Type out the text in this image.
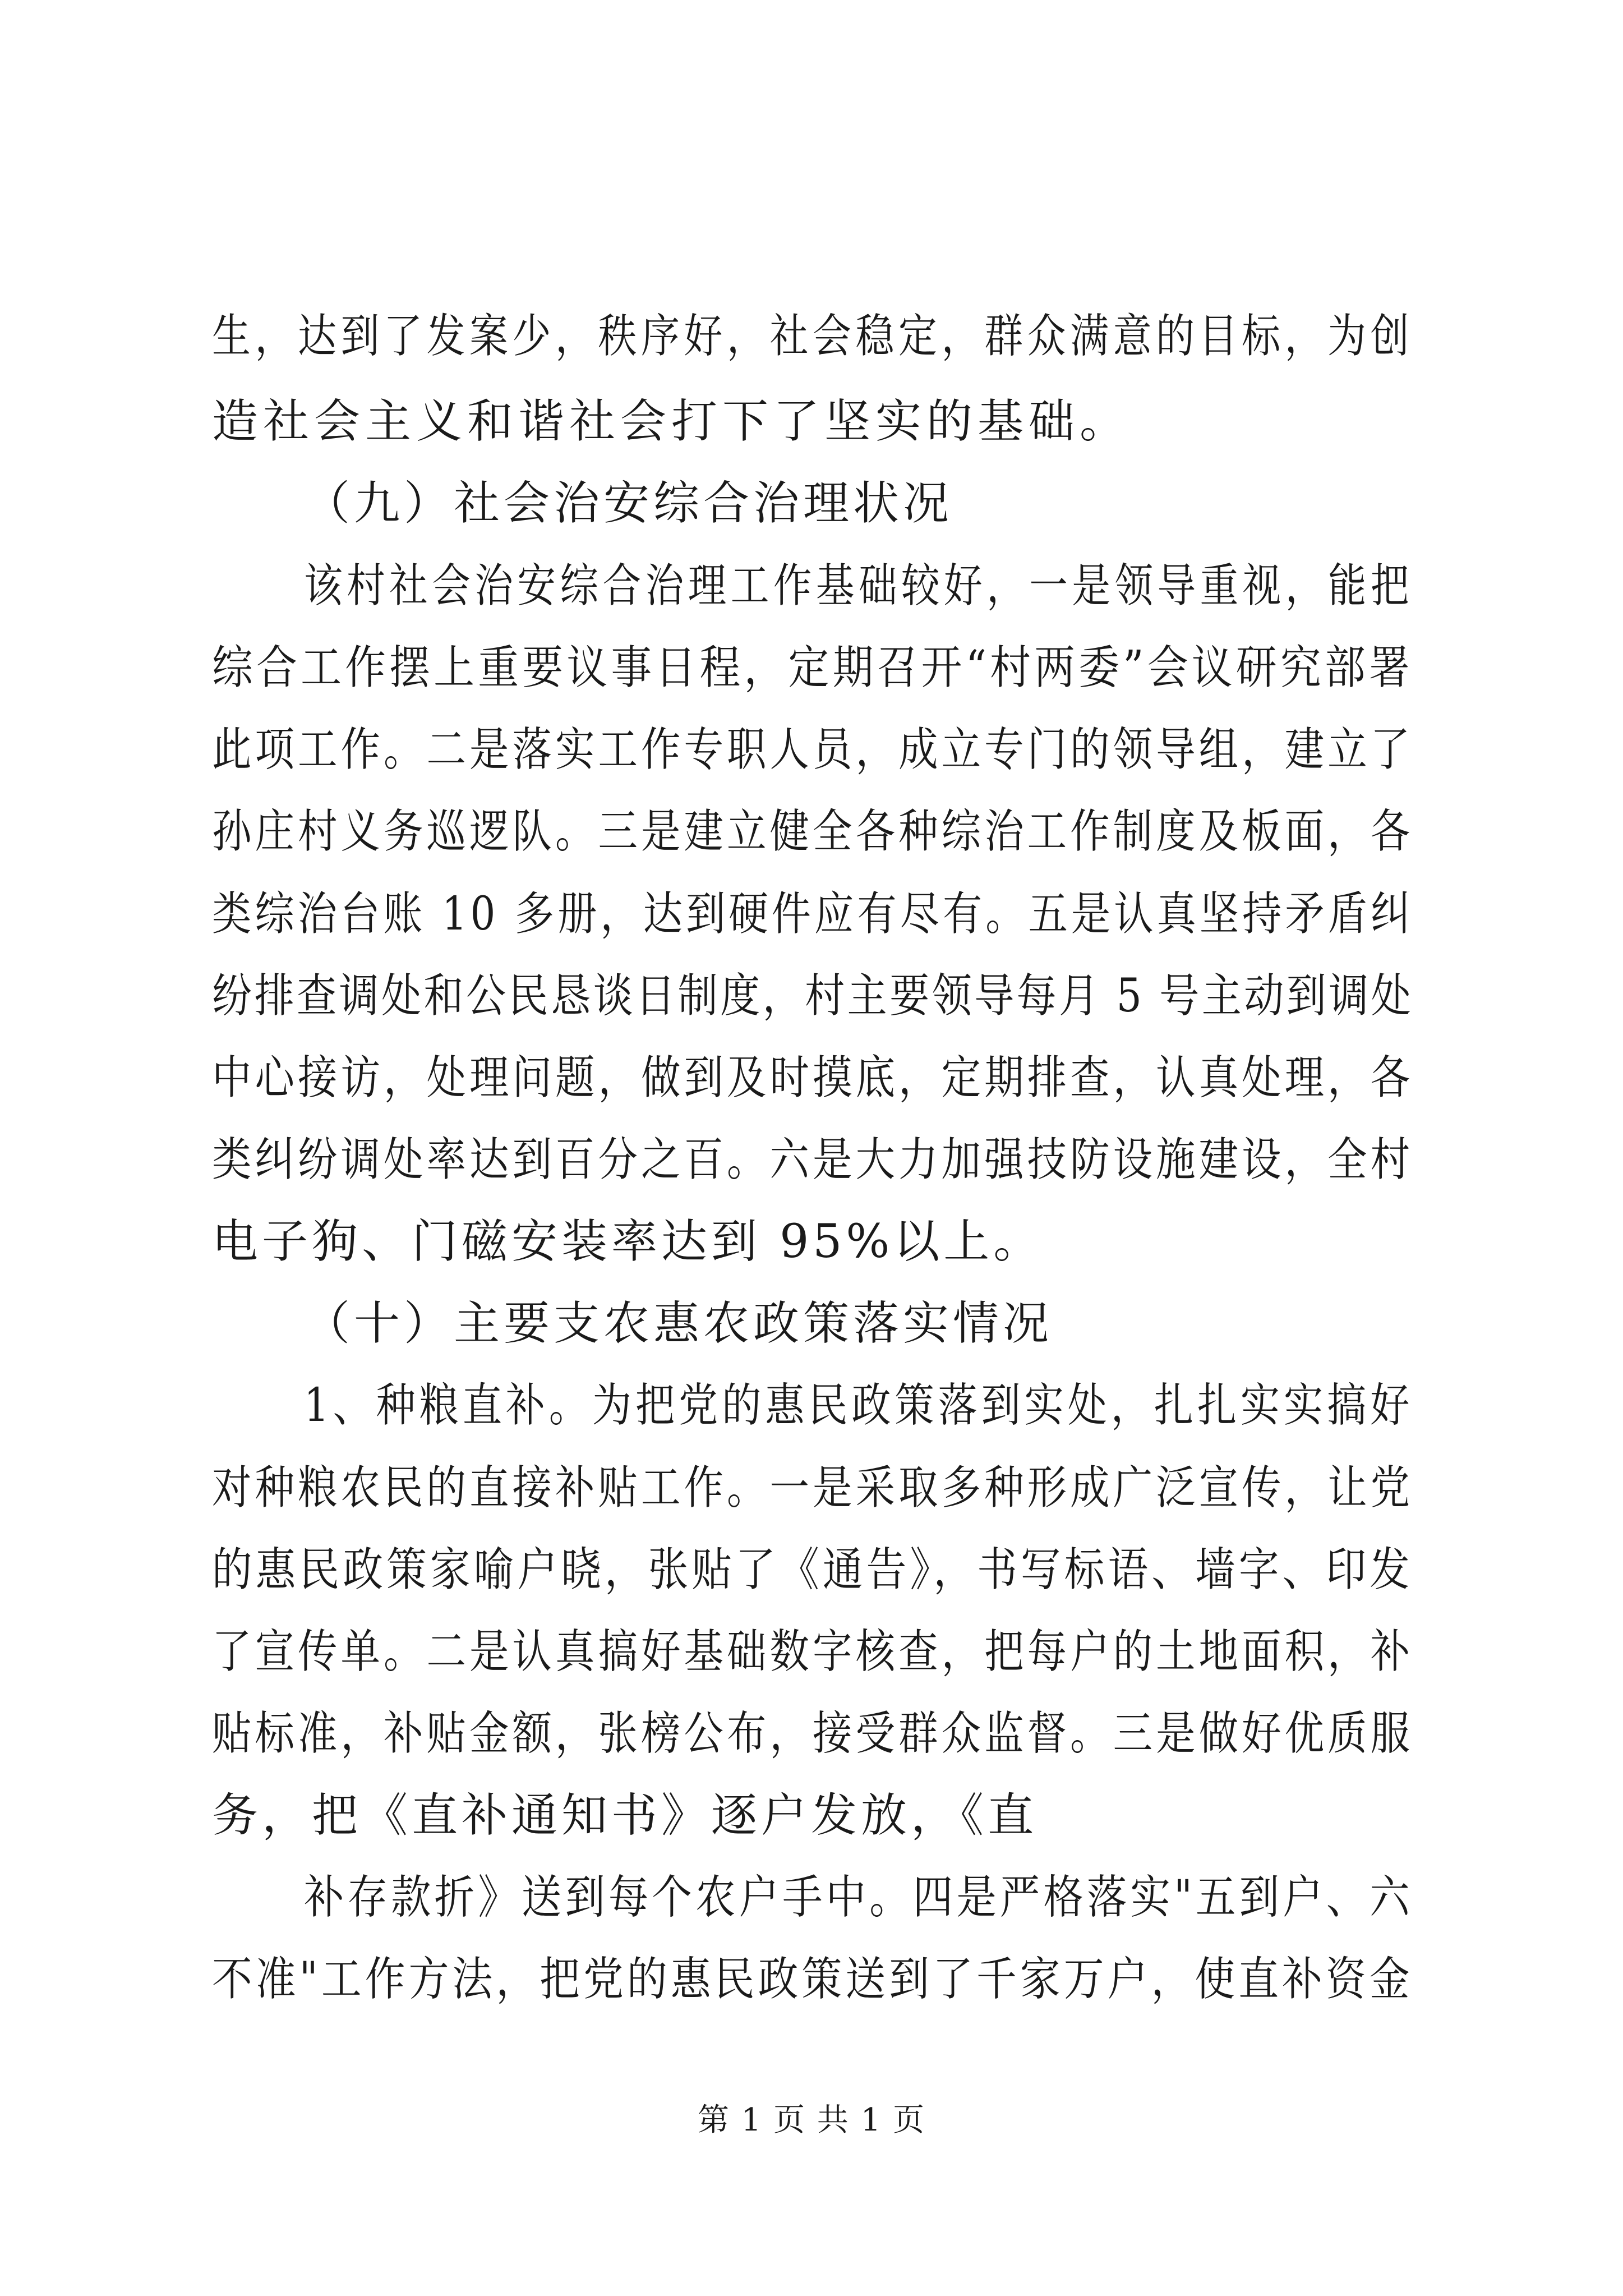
生，达到了发案少，秩序好，社会稳定，群众满意的目标，为创
造社会主义和谐社会打下了坚实的基础。
（九）社会治安综合治理状况
该村社会治安综合治理工作基础较好，一是领导重视，能把
综合工作摆上重要议事日程，定期召开“村两委”会议研究部署
此项工作。二是落实工作专职人员，成立专门的领导组，建立了
孙庄村义务巡逻队。三是建立健全各种综治工作制度及板面，各
类综治台账 10 多册，达到硬件应有尽有。五是认真坚持矛盾纠
纷排查调处和公民恳谈日制度，村主要领导每月 5 号主动到调处
中心接访，处理问题，做到及时摸底，定期排查，认真处理，各
类纠纷调处率达到百分之百。六是大力加强技防设施建设，全村
电子狗、门磁安装率达到 95%以上。
（十）主要支农惠农政策落实情况
1、种粮直补。为把党的惠民政策落到实处，扎扎实实搞好
对种粮农民的直接补贴工作。一是采取多种形成广泛宣传，让党
的惠民政策家喻户晓，张贴了《通告》，书写标语、墙字、印发
了宣传单。二是认真搞好基础数字核查，把每户的土地面积，补
贴标准，补贴金额，张榜公布，接受群众监督。三是做好优质服
务，把《直补通知书》逐户发放，《直
补存款折》送到每个农户手中。四是严格落实"五到户、六
不准"工作方法，把党的惠民政策送到了千家万户，使直补资金
第 1 页 共 1 页
